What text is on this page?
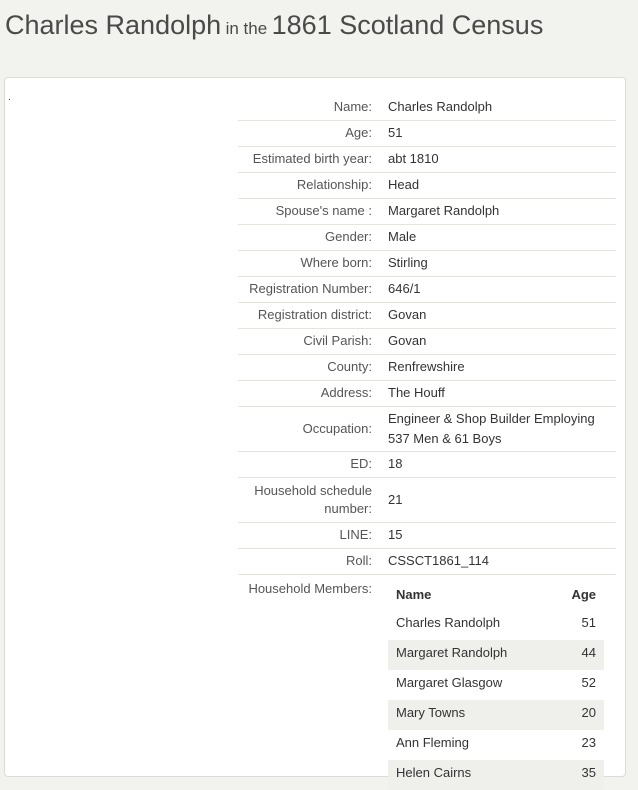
Charles Randolph in the 1861 Scotland Census
.
Name:	Charles Randolph
Age:	51
Estimated birth year:	abt 1810
Relationship:	Head
Spouse's name :	Margaret Randolph
Gender:	Male
Where born:	Stirling
Registration Number:	646/1
Registration district:	Govan
Civil Parish:	Govan
County:	Renfrewshire
Address:	The Houff
Occupation:	Engineer & Shop Builder Employing 537 Men & 61 Boys
ED:	18
Household schedule number:	21
LINE:	15
Roll:	CSSCT1861_114
Household Members:	Name	Age
Charles Randolph	51
Margaret Randolph	44
Margaret Glasgow	52
Mary Towns	20
Ann Fleming	23
Helen Cairns	35
